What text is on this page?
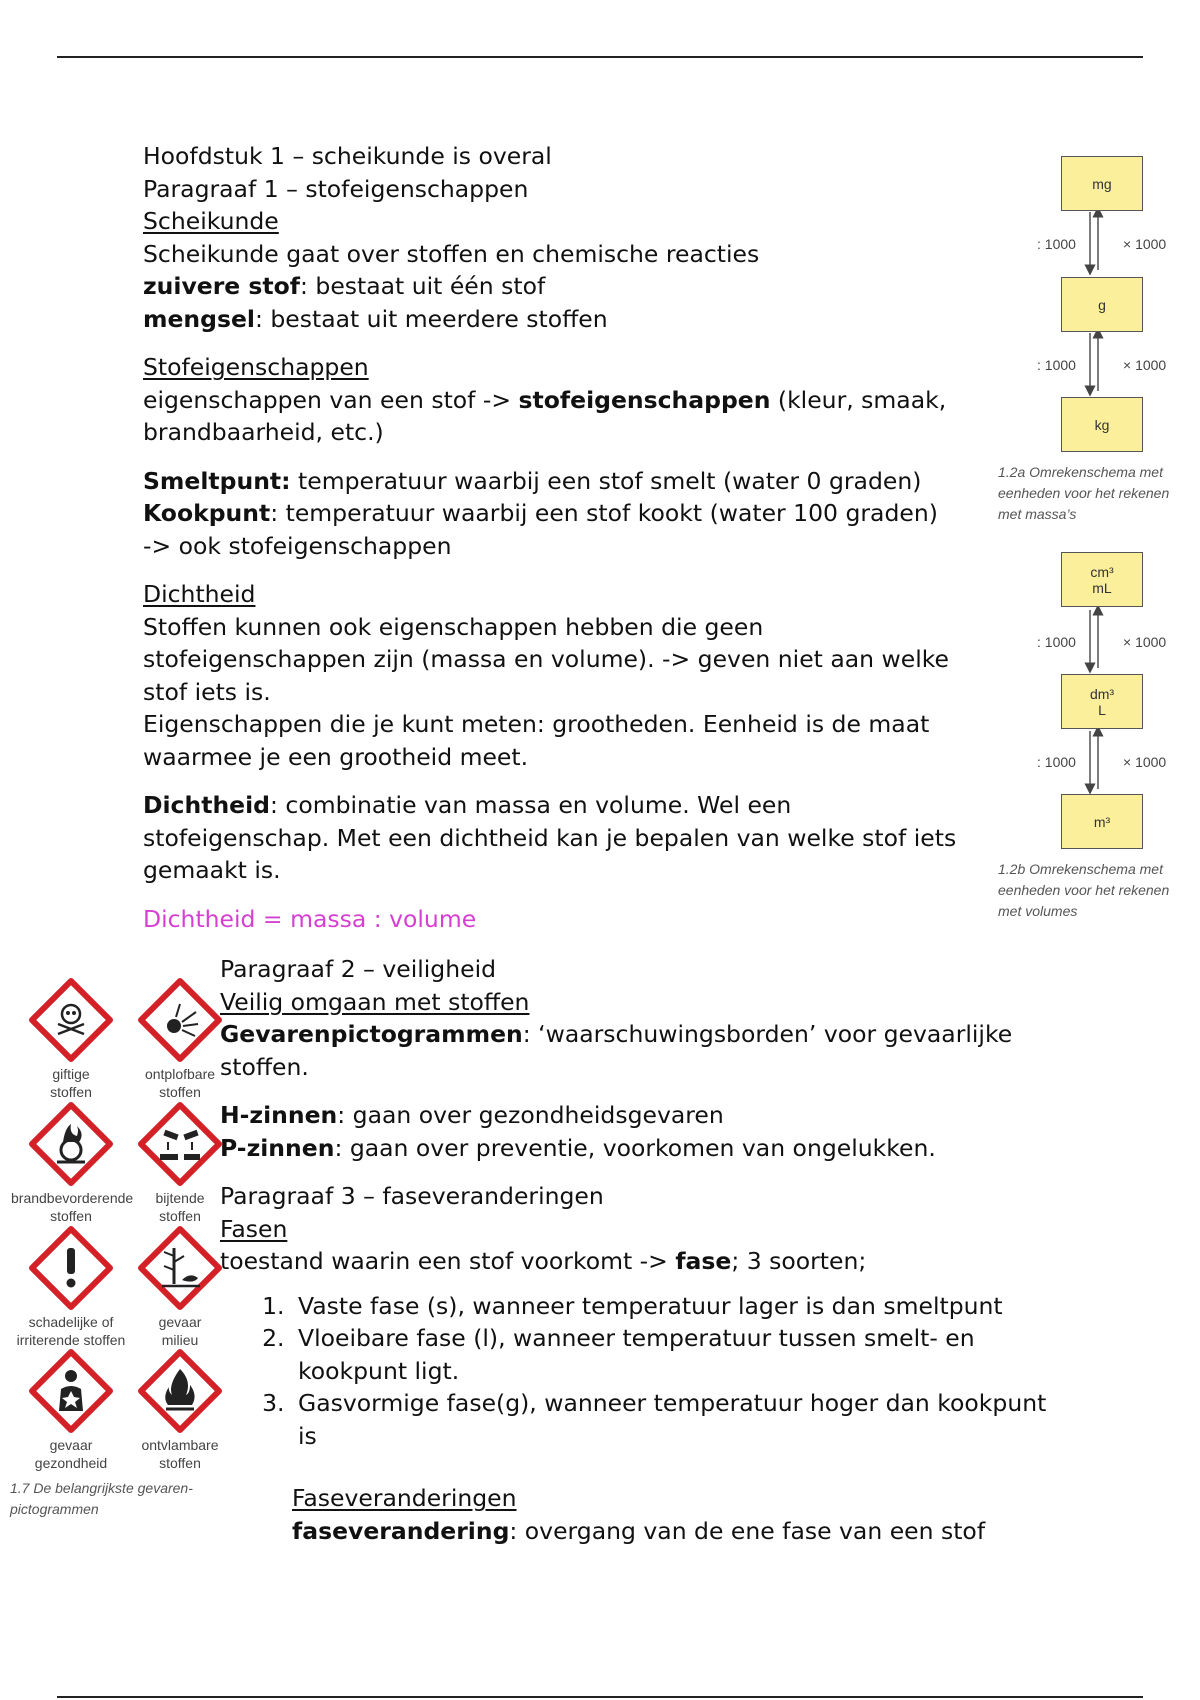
Hoofdstuk 1 – scheikunde is overal
Paragraaf 1 – stofeigenschappen
Scheikunde
Scheikunde gaat over stoffen en chemische reacties
zuivere stof: bestaat uit één stof
mengsel: bestaat uit meerdere stoffen
Stofeigenschappen
eigenschappen van een stof -> stofeigenschappen (kleur, smaak, brandbaarheid, etc.)
Smeltpunt: temperatuur waarbij een stof smelt (water 0 graden)
Kookpunt: temperatuur waarbij een stof kookt (water 100 graden)
-> ook stofeigenschappen
Dichtheid
Stoffen kunnen ook eigenschappen hebben die geen stofeigenschappen zijn (massa en volume). -> geven niet aan welke stof iets is.
Eigenschappen die je kunt meten: grootheden. Eenheid is de maat waarmee je een grootheid meet.
Dichtheid: combinatie van massa en volume. Wel een stofeigenschap. Met een dichtheid kan je bepalen van welke stof iets gemaakt is.
Dichtheid = massa : volume
Paragraaf 2 – veiligheid
Veilig omgaan met stoffen
Gevarenpictogrammen: ‘waarschuwingsborden’ voor gevaarlijke stoffen.
H-zinnen: gaan over gezondheidsgevaren
P-zinnen: gaan over preventie, voorkomen van ongelukken.
Paragraaf 3 – faseveranderingen
Fasen
toestand waarin een stof voorkomt -> fase; 3 soorten;
1. Vaste fase (s), wanneer temperatuur lager is dan smeltpunt
2. Vloeibare fase (l), wanneer temperatuur tussen smelt- en kookpunt ligt.
3. Gasvormige fase(g), wanneer temperatuur hoger dan kookpunt is
Faseveranderingen
faseverandering: overgang van de ene fase van een stof
mg
g
kg
: 1000	× 1000
: 1000	× 1000
1.2a Omrekenschema met eenheden voor het rekenen met massa’s
cm³
mL
dm³
L
m³
: 1000	× 1000
: 1000	× 1000
1.2b Omrekenschema met eenheden voor het rekenen met volumes
giftige
stoffen
ontplofbare
stoffen
brandbevorderende
stoffen
bijtende
stoffen
schadelijke of
irriterende stoffen
gevaar
milieu
gevaar
gezondheid
ontvlambare
stoffen
1.7 De belangrijkste gevaren-pictogrammen
